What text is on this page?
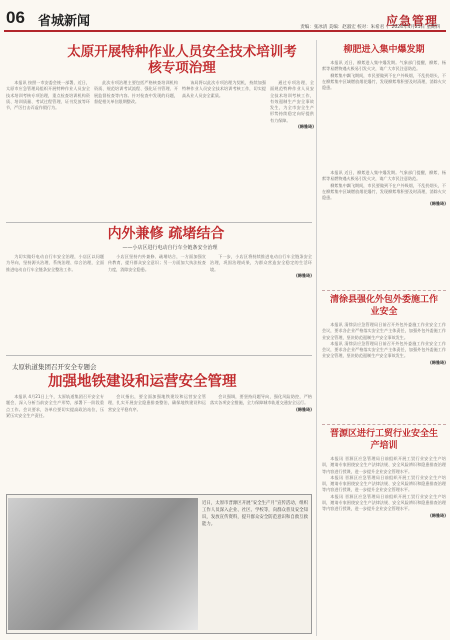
06 省城新闻	应急管理
责编：张冰清 美编：赵淑宏 校对：朱希君 丨 2024年4月25日 星期四
太原开展特种作业人员安全技术培训考核专项治理

本报讯 按照一市安委会统一部署，近日，太原市应急管理局组织开展特种作业人员安全技术培训考核专项治理，重点检查培训机构资质、培训质量、考试过程管理、证书发放等环节，严厉打击弄虚作假行为。

此次专项治理主要包括严格核查培训机构资质、规范培训考试流程、强化证书管理、开展监督检查等内容。针对检查中发现的问题，督促相关单位限期整改。

该局将以此次专项治理为契机，持续加强特种作业人员安全技术培训考核工作，切实提高从业人员安全素质。

通过专项治理，全面规范特种作业人员安全技术培训考核工作，有效遏制生产安全事故发生，为全市安全生产形势持续稳定向好提供有力保障。

(韩雅琦)
内外兼修 疏堵结合
——小店区进行电动自行车全链条安全治理

为切实做好电动自行车安全治理，小店区以问题为导向，坚持源头治理、系统治理、综合治理，全面推进电动自行车全链条安全整治工作。

小店区坚持内外兼修、疏堵结合，一方面加强宣传教育，提升群众安全意识；另一方面加大执法检查力度，消除安全隐患。

下一步，小店区将持续推进电动自行车全链条安全治理，巩固治理成果，为群众营造安全稳定的生活环境。

(韩雅琦)
太原轨道集团召开安全专题会
加强地铁建设和运营安全管理

本报讯 4月21日上午，太原轨道集团召开安全专题会，深入分析当前安全生产形势，部署下一阶段重点工作。会议要求，各单位要切实提高政治站位，压紧压实安全生产责任。

会议指出，要全面加强地铁建设和运营安全管理，扎实开展安全隐患排查整治，确保地铁建设和运营安全平稳有序。

会议强调，要坚持问题导向，强化风险防控，严格落实各项安全措施，全力保障城市轨道交通安全运行。

(韩雅琦)
近日，太原市晋源区开展“安全生产月”宣传活动，组织工作人员深入企业、社区、学校等，向群众普及安全知识，发放宣传资料，提升群众安全防范意识和自救互救能力。
柳肥进入集中爆发期

本报讯 近日，柳絮进入集中爆发期。气象部门提醒，柳絮、杨絮等易燃物遇火极易引发火灾，请广大市民注意防范。

柳絮集中飘飞期间，市民要做到不在户外吸烟，不乱扔烟头，不在柳絮集中区域燃放烟花爆竹，发现柳絮堆积要及时清理，消除火灾隐患。

本报讯 近日，柳絮进入集中爆发期。气象部门提醒，柳絮、杨絮等易燃物遇火极易引发火灾，请广大市民注意防范。

柳絮集中飘飞期间，市民要做到不在户外吸烟，不乱扔烟头，不在柳絮集中区域燃放烟花爆竹，发现柳絮堆积要及时清理，消除火灾隐患。

(韩雅琦)
清徐县强化外包外委施工作业安全

本报讯 清徐县应急管理局日前召开外包外委施工作业安全工作会议，要求各企业严格落实安全生产主体责任，加强外包外委施工作业安全管理，坚决防范遏制生产安全事故发生。

本报讯 清徐县应急管理局日前召开外包外委施工作业安全工作会议，要求各企业严格落实安全生产主体责任，加强外包外委施工作业安全管理，坚决防范遏制生产安全事故发生。

(韩雅琦)
晋源区进行工贸行业安全生产培训

本报讯 晋源区应急管理局日前组织开展工贸行业安全生产培训，邀请专家围绕安全生产法律法规、安全风险辨识和隐患排查治理等内容进行授课，进一步提升企业安全管理水平。

本报讯 晋源区应急管理局日前组织开展工贸行业安全生产培训，邀请专家围绕安全生产法律法规、安全风险辨识和隐患排查治理等内容进行授课，进一步提升企业安全管理水平。

本报讯 晋源区应急管理局日前组织开展工贸行业安全生产培训，邀请专家围绕安全生产法律法规、安全风险辨识和隐患排查治理等内容进行授课，进一步提升企业安全管理水平。

(韩雅琦)
